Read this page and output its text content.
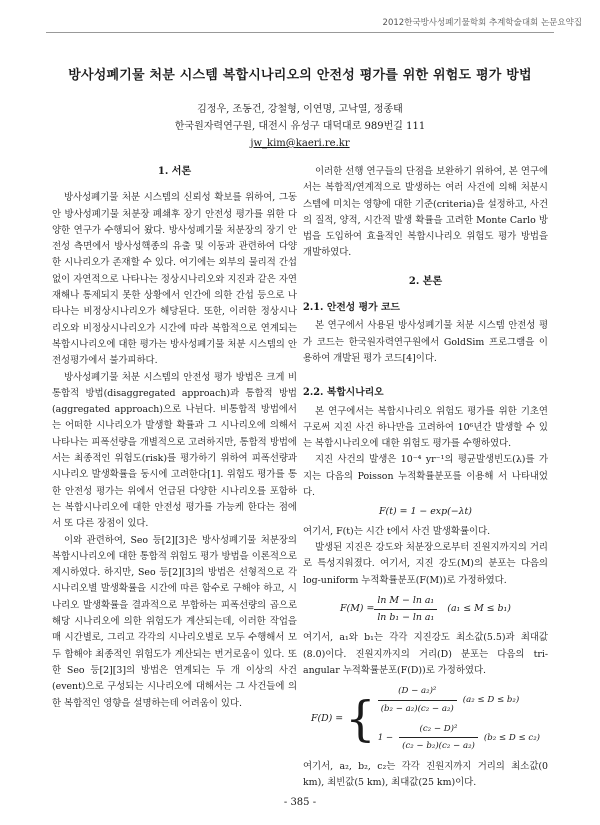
2012한국방사성폐기물학회 추계학술대회 논문요약집
방사성폐기물 처분 시스템 복합시나리오의 안전성 평가를 위한 위험도 평가 방법
김정우, 조동건, 강철형, 이연명, 고낙열, 정종태
한국원자력연구원, 대전시 유성구 대덕대로 989번길 111
jw_kim@kaeri.re.kr
1. 서론

방사성폐기물 처분 시스템의 신뢰성 확보를 위하여, 그동안 방사성폐기물 처분장 폐쇄후 장기 안전성 평가를 위한 다양한 연구가 수행되어 왔다. 방사성폐기물 처분장의 장기 안전성 측면에서 방사성핵종의 유출 및 이동과 관련하여 다양한 시나리오가 존재할 수 있다. 여기에는 외부의 물리적 간섭 없이 자연적으로 나타나는 정상시나리오와 지진과 같은 자연재해나 통제되지 못한 상황에서 인간에 의한 간섭 등으로 나타나는 비정상시나리오가 해당된다. 또한, 이러한 정상시나리오와 비정상시나리오가 시간에 따라 복합적으로 연계되는 복합시나리오에 대한 평가는 방사성폐기물 처분 시스템의 안전성평가에서 불가피하다.

방사성폐기물 처분 시스템의 안전성 평가 방법은 크게 비통합적 방법(disaggregated approach)과 통합적 방법(aggregated approach)으로 나뉜다. 비통합적 방법에서는 어떠한 시나리오가 발생할 확률과 그 시나리오에 의해서 나타나는 피폭선량을 개별적으로 고려하지만, 통합적 방법에서는 최종적인 위험도(risk)를 평가하기 위하여 피폭선량과 시나리오 발생확률을 동시에 고려한다[1]. 위험도 평가를 통한 안전성 평가는 위에서 언급된 다양한 시나리오를 포함하는 복합시나리오에 대한 안전성 평가를 가능케 한다는 점에서 또 다른 장점이 있다.

이와 관련하여, Seo 등[2][3]은 방사성폐기물 처분장의 복합시나리오에 대한 통합적 위험도 평가 방법을 이론적으로 제시하였다. 하지만, Seo 등[2][3]의 방법은 선형적으로 각 시나리오별 발생확률을 시간에 따른 함수로 구해야 하고, 시나리오 발생확률을 결과적으로 부합하는 피폭선량의 곱으로 해당 시나리오에 의한 위험도가 계산되는데, 이러한 작업을 매 시간별로, 그리고 각각의 시나리오별로 모두 수행해서 모두 합해야 최종적인 위험도가 계산되는 번거로움이 있다. 또한 Seo 등[2][3]의 방법은 연계되는 두 개 이상의 사건(event)으로 구성되는 시나리오에 대해서는 그 사건들에 의한 복합적인 영향을 설명하는데 어려움이 있다.

이러한 선행 연구들의 단점을 보완하기 위하여, 본 연구에서는 복합적/연계적으로 발생하는 여러 사건에 의해 처분시스템에 미치는 영향에 대한 기준(criteria)을 설정하고, 사건의 질적, 양적, 시간적 발생 확률을 고려한 Monte Carlo 방법을 도입하여 효율적인 복합시나리오 위험도 평가 방법을 개발하였다.

2. 본론
2.1. 안전성 평가 코드

본 연구에서 사용된 방사성폐기물 처분 시스템 안전성 평가 코드는 한국원자력연구원에서 GoldSim 프로그램을 이용하여 개발된 평가 코드[4]이다.

2.2. 복합시나리오

본 연구에서는 복합시나리오 위험도 평가를 위한 기초연구로써 지진 사건 하나만을 고려하여 10⁶년간 발생할 수 있는 복합시나리오에 대한 위험도 평가를 수행하였다.

지진 사건의 발생은 10⁻⁴ yr⁻¹의 평균발생빈도(λ)를 가지는 다음의 Poisson 누적확률분포를 이용해 서 나타내었다.

F(t) = 1 − exp(−λt)

여기서, F(t)는 시간 t에서 사건 발생확률이다.

발생된 지진은 강도와 처분장으로부터 진원지까지의 거리로 특성지워졌다. 여기서, 지진 강도(M)의 분포는 다음의 log-uniform 누적확률분포(F(M))로 가정하였다.

$F(M) = \frac{\text{ln M − ln a₁}}{\text{ln b₁ − ln a₁}} (a_1 \le M \le b_1)$

여기서, a₁와 b₁는 각각 지진강도 최소값(5.5)과 최대값(8.0)이다. 진원지까지의 거리(D) 분포는 다음의 tri-angular 누적확률분포(F(D))로 가정하였다.

F(D) = { $\frac{\text{(D − a₂)²}}{\text{(b₂ − a₂)(c₂ − a₂)}} (a_2 \le D \le b_2)$
$1 - \frac{\text{(c₂ − D)²}}{\text{(c₂ − b₂)(c₂ − a₂)}} (b_2 \le D \le c_2)$

여기서, a₂, b₂, c₂는 각각 진원지까지 거리의 최소값(0 km), 최빈값(5 km), 최대값(25 km)이다.

- 385 -
